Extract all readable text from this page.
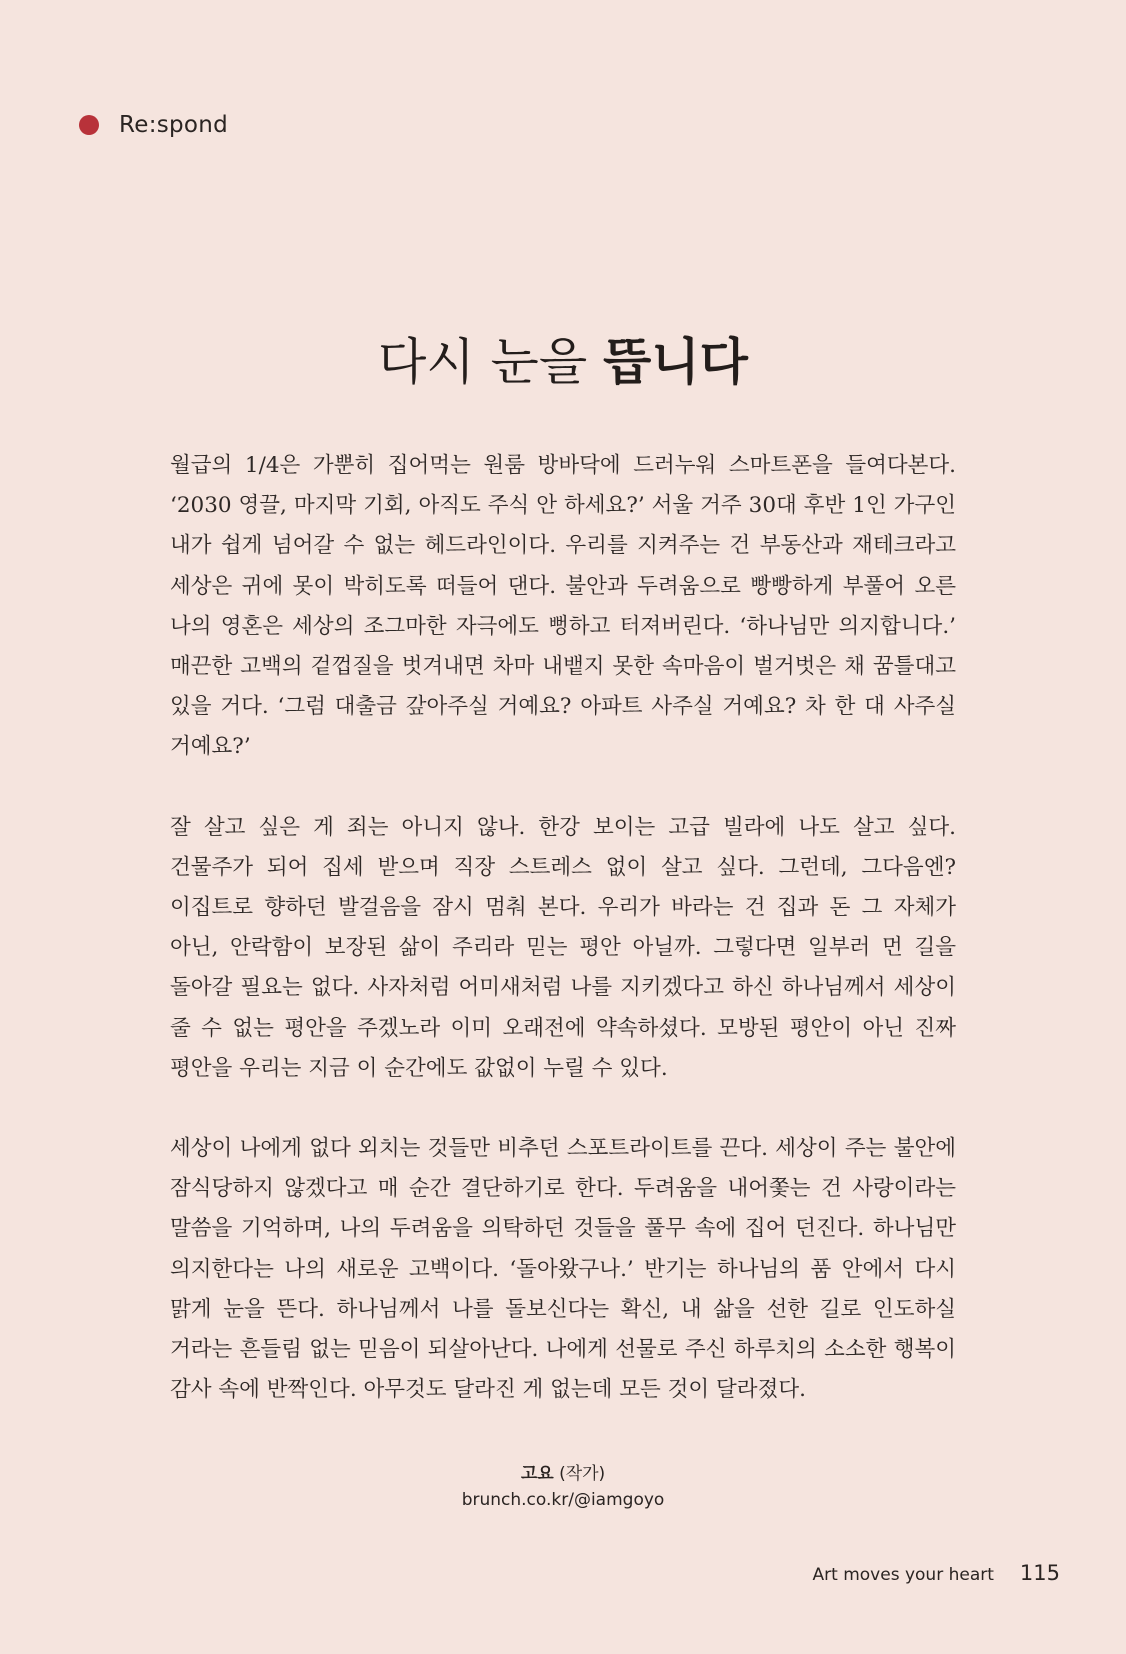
Re:spond
다시 눈을 뜹니다

월급의 1/4은 가뿐히 집어먹는 원룸 방바닥에 드러누워 스마트폰을 들여다본다. ‘2030 영끌, 마지막 기회, 아직도 주식 안 하세요?’ 서울 거주 30대 후반 1인 가구인 내가 쉽게 넘어갈 수 없는 헤드라인이다. 우리를 지켜주는 건 부동산과 재테크라고 세상은 귀에 못이 박히도록 떠들어 댄다. 불안과 두려움으로 빵빵하게 부풀어 오른 나의 영혼은 세상의 조그마한 자극에도 뻥하고 터져버린다. ‘하나님만 의지합니다.’ 매끈한 고백의 겉껍질을 벗겨내면 차마 내뱉지 못한 속마음이 벌거벗은 채 꿈틀대고 있을 거다. ‘그럼 대출금 갚아주실 거예요? 아파트 사주실 거예요? 차 한 대 사주실 거예요?’

잘 살고 싶은 게 죄는 아니지 않나. 한강 보이는 고급 빌라에 나도 살고 싶다. 건물주가 되어 집세 받으며 직장 스트레스 없이 살고 싶다. 그런데, 그다음엔? 이집트로 향하던 발걸음을 잠시 멈춰 본다. 우리가 바라는 건 집과 돈 그 자체가 아닌, 안락함이 보장된 삶이 주리라 믿는 평안 아닐까. 그렇다면 일부러 먼 길을 돌아갈 필요는 없다. 사자처럼 어미새처럼 나를 지키겠다고 하신 하나님께서 세상이 줄 수 없는 평안을 주겠노라 이미 오래전에 약속하셨다. 모방된 평안이 아닌 진짜 평안을 우리는 지금 이 순간에도 값없이 누릴 수 있다.

세상이 나에게 없다 외치는 것들만 비추던 스포트라이트를 끈다. 세상이 주는 불안에 잠식당하지 않겠다고 매 순간 결단하기로 한다. 두려움을 내어쫓는 건 사랑이라는 말씀을 기억하며, 나의 두려움을 의탁하던 것들을 풀무 속에 집어 던진다. 하나님만 의지한다는 나의 새로운 고백이다. ‘돌아왔구나.’ 반기는 하나님의 품 안에서 다시 맑게 눈을 뜬다. 하나님께서 나를 돌보신다는 확신, 내 삶을 선한 길로 인도하실 거라는 흔들림 없는 믿음이 되살아난다. 나에게 선물로 주신 하루치의 소소한 행복이 감사 속에 반짝인다. 아무것도 달라진 게 없는데 모든 것이 달라졌다.

고요 (작가)
brunch.co.kr/@iamgoyo
Art moves your heart 115
